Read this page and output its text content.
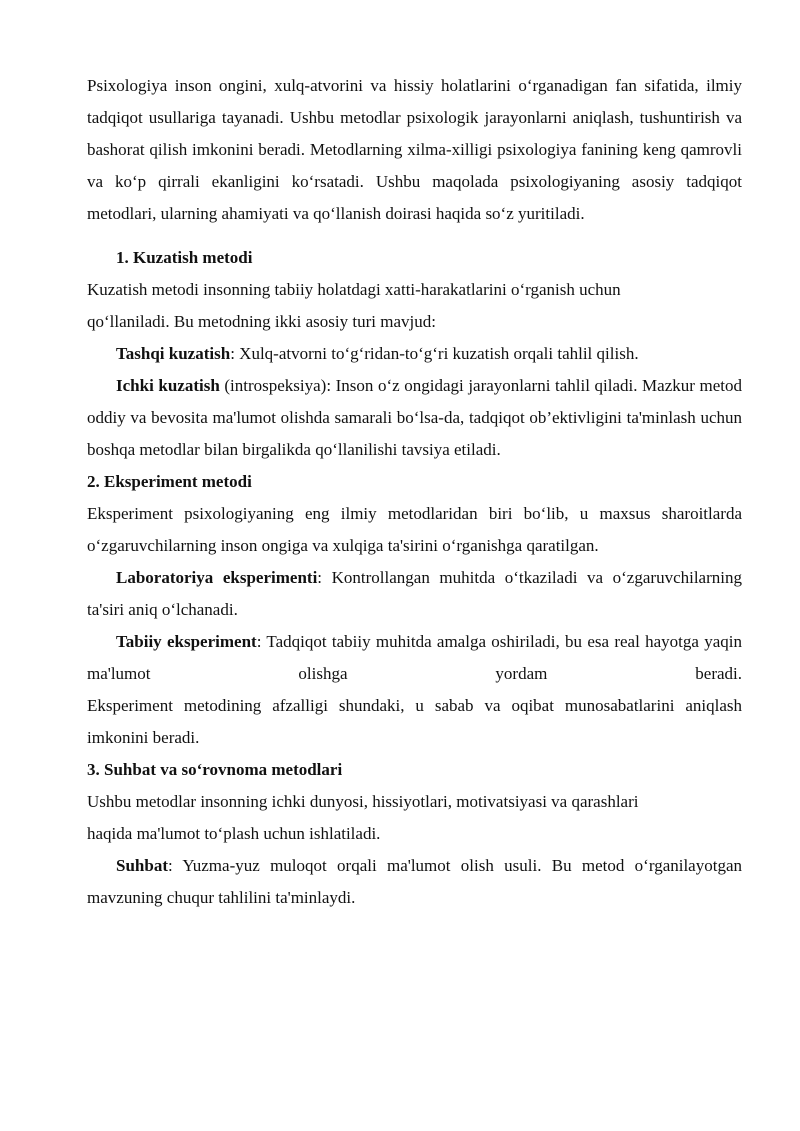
Psixologiya inson ongini, xulq-atvorini va hissiy holatlarini o‘rganadigan fan sifatida, ilmiy tadqiqot usullariga tayanadi. Ushbu metodlar psixologik jarayonlarni aniqlash, tushuntirish va bashorat qilish imkonini beradi. Metodlarning xilma-xilligi psixologiya fanining keng qamrovli va ko‘p qirrali ekanligini ko‘rsatadi. Ushbu maqolada psixologiyaning asosiy tadqiqot metodlari, ularning ahamiyati va qo‘llanish doirasi haqida so‘z yuritiladi.

1. Kuzatish metodi

Kuzatish metodi insonning tabiiy holatdagi xatti-harakatlarini o‘rganish uchun

qo‘llaniladi. Bu metodning ikki asosiy turi mavjud:

Tashqi kuzatish: Xulq-atvorni to‘g‘ridan-to‘g‘ri kuzatish orqali tahlil qilish.

Ichki kuzatish (introspeksiya): Inson o‘z ongidagi jarayonlarni tahlil qiladi. Mazkur metod oddiy va bevosita ma'lumot olishda samarali bo‘lsa-da, tadqiqot ob’ektivligini ta'minlash uchun boshqa metodlar bilan birgalikda qo‘llanilishi tavsiya etiladi.

2. Eksperiment metodi

Eksperiment psixologiyaning eng ilmiy metodlaridan biri bo‘lib, u maxsus sharoitlarda o‘zgaruvchilarning inson ongiga va xulqiga ta'sirini o‘rganishga qaratilgan.

Laboratoriya eksperimenti: Kontrollangan muhitda o‘tkaziladi va o‘zgaruvchilarning ta'siri aniq o‘lchanadi.

Tabiiy eksperiment: Tadqiqot tabiiy muhitda amalga oshiriladi, bu esa real hayotga yaqin ma'lumot olishga yordam beradi.

Eksperiment metodining afzalligi shundaki, u sabab va oqibat munosabatlarini aniqlash imkonini beradi.

3. Suhbat va so‘rovnoma metodlari

Ushbu metodlar insonning ichki dunyosi, hissiyotlari, motivatsiyasi va qarashlari

haqida ma'lumot to‘plash uchun ishlatiladi.

Suhbat: Yuzma-yuz muloqot orqali ma'lumot olish usuli. Bu metod o‘rganilayotgan mavzuning chuqur tahlilini ta'minlaydi.
